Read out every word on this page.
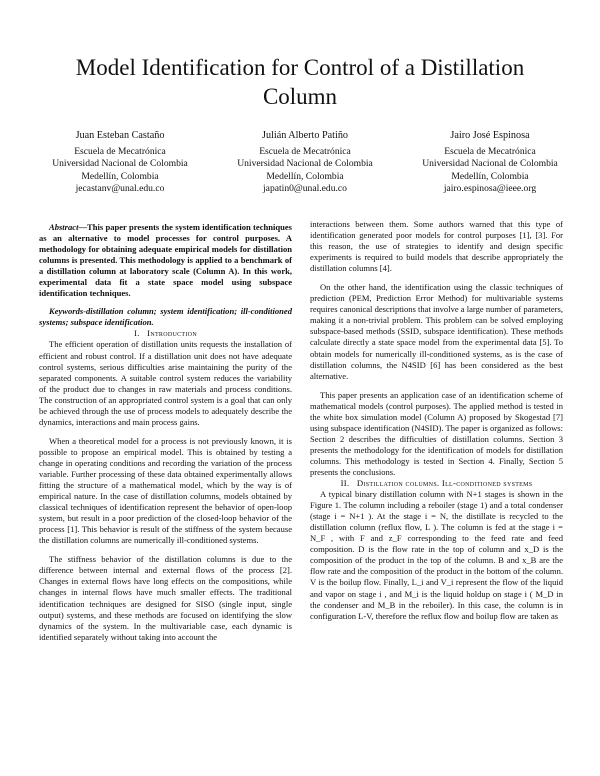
Model Identification for Control of a Distillation Column
Juan Esteban Castaño
Escuela de Mecatrónica
Universidad Nacional de Colombia
Medellín, Colombia
jecastanv@unal.edu.co
Julián Alberto Patiño
Escuela de Mecatrónica
Universidad Nacional de Colombia
Medellín, Colombia
japatin0@unal.edu.co
Jairo José Espinosa
Escuela de Mecatrónica
Universidad Nacional de Colombia
Medellín, Colombia
jairo.espinosa@ieee.org

Abstract—This paper presents the system identification techniques as an alternative to model processes for control purposes. A methodology for obtaining adequate empirical models for distillation columns is presented. This methodology is applied to a benchmark of a distillation column at laboratory scale (Column A). In this work, experimental data fit a state space model using subspace identification techniques.

Keywords-distillation column; system identification; ill-conditioned systems; subspace identification.

I. Introduction

The efficient operation of distillation units requests the installation of efficient and robust control. If a distillation unit does not have adequate control systems, serious difficulties arise maintaining the purity of the separated components. A suitable control system reduces the variability of the product due to changes in raw materials and process conditions. The construction of an appropriated control system is a goal that can only be achieved through the use of process models to adequately describe the dynamics, interactions and main process gains.

When a theoretical model for a process is not previously known, it is possible to propose an empirical model. This is obtained by testing a change in operating conditions and recording the variation of the process variable. Further processing of these data obtained experimentally allows fitting the structure of a mathematical model, which by the way is of empirical nature. In the case of distillation columns, models obtained by classical techniques of identification represent the behavior of open-loop system, but result in a poor prediction of the closed-loop behavior of the process [1]. This behavior is result of the stiffness of the system because the distillation columns are numerically ill-conditioned systems.

The stiffness behavior of the distillation columns is due to the difference between internal and external flows of the process [2]. Changes in external flows have long effects on the compositions, while changes in internal flows have much smaller effects. The traditional identification techniques are designed for SISO (single input, single output) systems, and these methods are focused on identifying the slow dynamics of the system. In the multivariable case, each dynamic is identified separately without taking into account the

interactions between them. Some authors warned that this type of identification generated poor models for control purposes [1], [3]. For this reason, the use of strategies to identify and design specific experiments is required to build models that describe appropriately the distillation columns [4].

On the other hand, the identification using the classic techniques of prediction (PEM, Prediction Error Method) for multivariable systems requires canonical descriptions that involve a large number of parameters, making it a non-trivial problem. This problem can be solved employing subspace-based methods (SSID, subspace identification). These methods calculate directly a state space model from the experimental data [5]. To obtain models for numerically ill-conditioned systems, as is the case of distillation columns, the N4SID [6] has been considered as the best alternative.

This paper presents an application case of an identification scheme of mathematical models (control purposes). The applied method is tested in the white box simulation model (Column A) proposed by Skogestad [7] using subspace identification (N4SID). The paper is organized as follows: Section 2 describes the difficulties of distillation columns. Section 3 presents the methodology for the identification of models for distillation columns. This methodology is tested in Section 4. Finally, Section 5 presents the conclusions.

II. Distillation columns. Ill-conditioned systems

A typical binary distillation column with N+1 stages is shown in the Figure 1. The column including a reboiler (stage 1) and a total condenser (stage i = N+1 ). At the stage i = N, the distillate is recycled to the distillation column (reflux flow, L ). The column is fed at the stage i = N_F , with F and z_F corresponding to the feed rate and feed composition. D is the flow rate in the top of column and x_D is the composition of the product in the top of the column. B and x_B are the flow rate and the composition of the product in the bottom of the column. V is the boilup flow. Finally, L_i and V_i represent the flow of the liquid and vapor on stage i , and M_i is the liquid holdup on stage i ( M_D in the condenser and M_B in the reboiler). In this case, the column is in configuration L-V, therefore the reflux flow and boilup flow are taken as
